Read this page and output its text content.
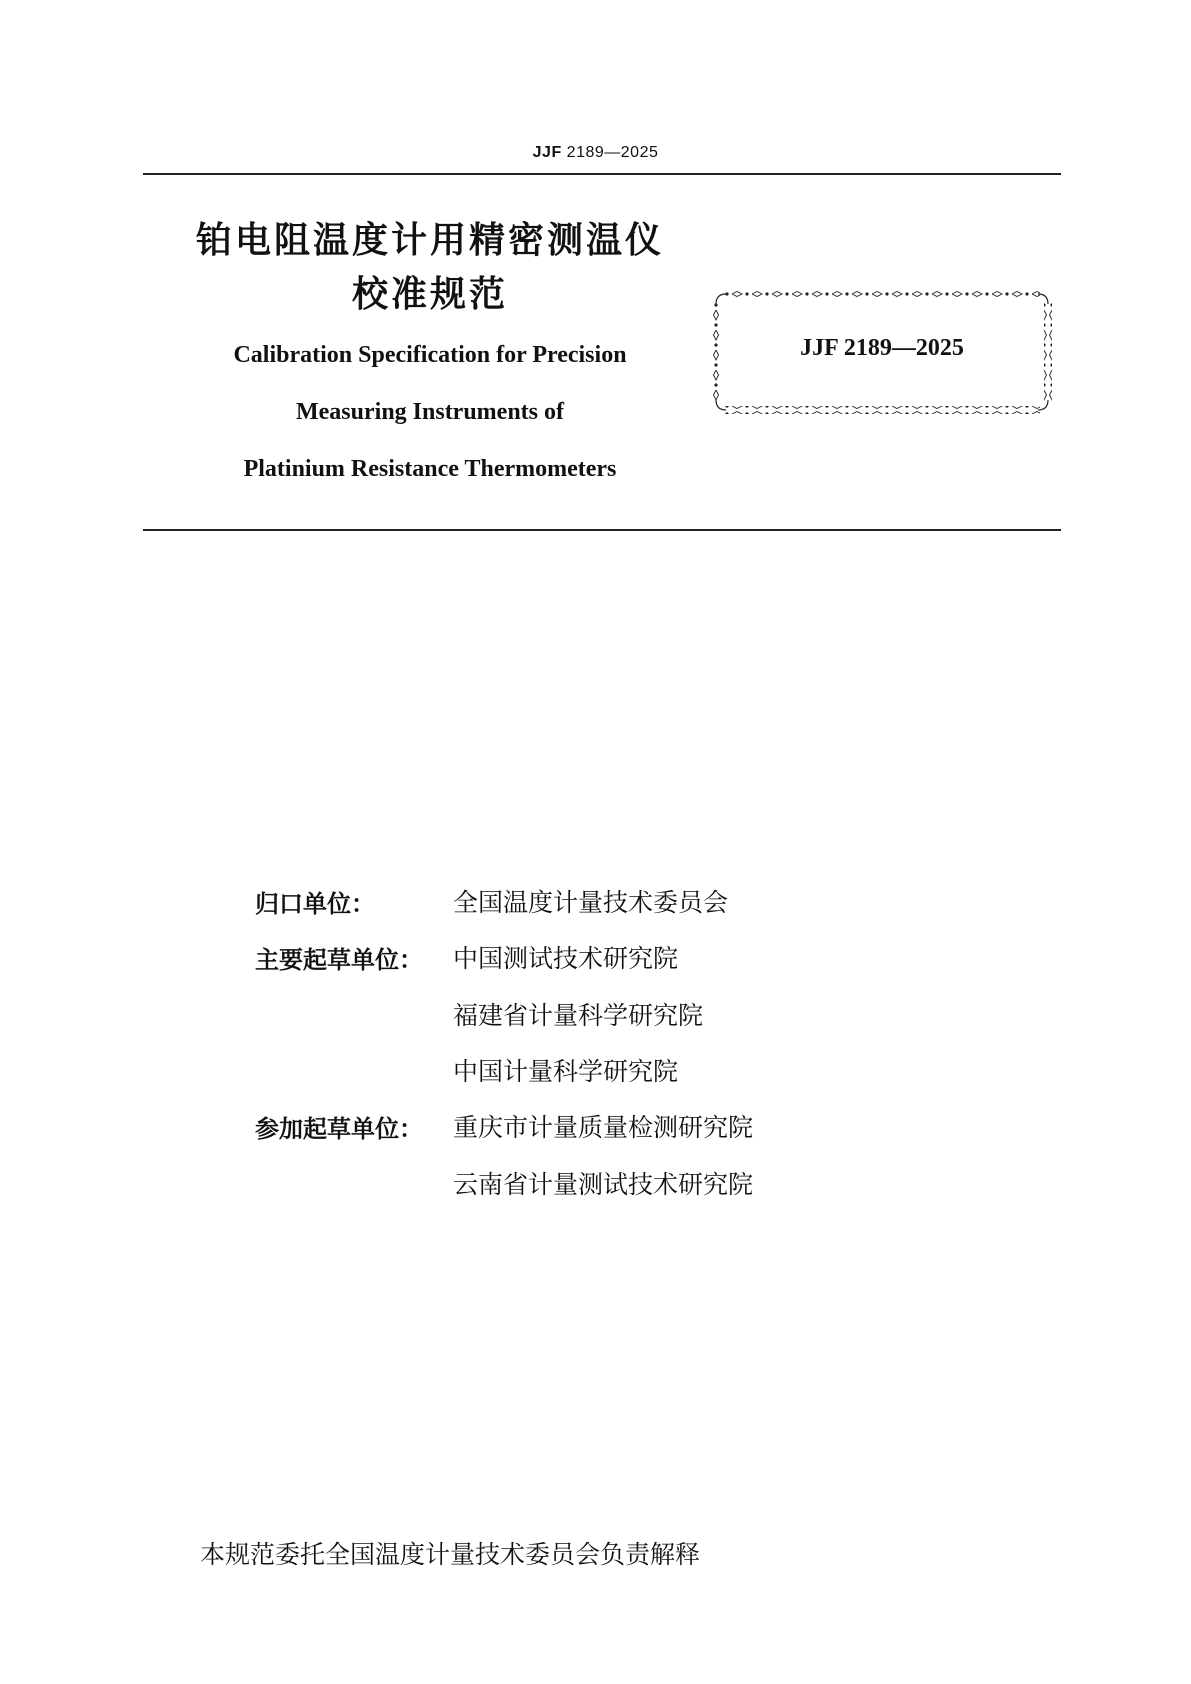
JJF 2189—2025
铂电阻温度计用精密测温仪
校准规范
Calibration Specification for Precision
Measuring Instruments of
Platinium Resistance Thermometers
JJF 2189—2025
归口单位：	全国温度计量技术委员会
主要起草单位：	中国测试技术研究院
福建省计量科学研究院
中国计量科学研究院
参加起草单位：	重庆市计量质量检测研究院
云南省计量测试技术研究院
本规范委托全国温度计量技术委员会负责解释
